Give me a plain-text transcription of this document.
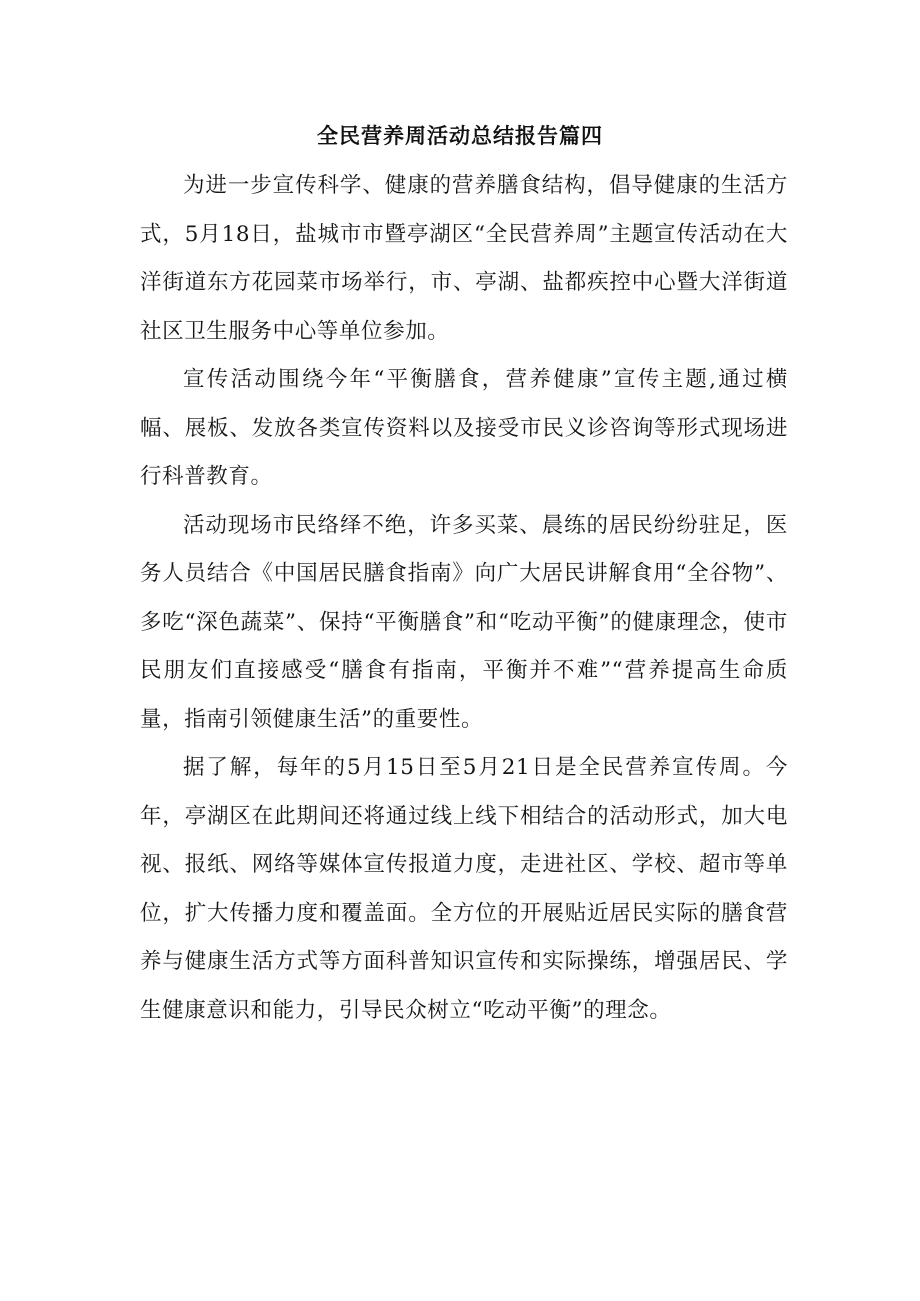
全民营养周活动总结报告篇四

为进一步宣传科学、健康的营养膳食结构，倡导健康的生活方式，5月18日，盐城市市暨亭湖区“全民营养周”主题宣传活动在大洋街道东方花园菜市场举行，市、亭湖、盐都疾控中心暨大洋街道社区卫生服务中心等单位参加。

宣传活动围绕今年“平衡膳食，营养健康”宣传主题,通过横幅、展板、发放各类宣传资料以及接受市民义诊咨询等形式现场进行科普教育。

活动现场市民络绎不绝，许多买菜、晨练的居民纷纷驻足，医务人员结合《中国居民膳食指南》向广大居民讲解食用“全谷物”、多吃“深色蔬菜”、保持“平衡膳食”和“吃动平衡”的健康理念，使市民朋友们直接感受“膳食有指南，平衡并不难”“营养提高生命质量，指南引领健康生活”的重要性。

据了解，每年的5月15日至5月21日是全民营养宣传周。今年，亭湖区在此期间还将通过线上线下相结合的活动形式，加大电视、报纸、网络等媒体宣传报道力度，走进社区、学校、超市等单位，扩大传播力度和覆盖面。全方位的开展贴近居民实际的膳食营养与健康生活方式等方面科普知识宣传和实际操练，增强居民、学生健康意识和能力，引导民众树立“吃动平衡”的理念。
